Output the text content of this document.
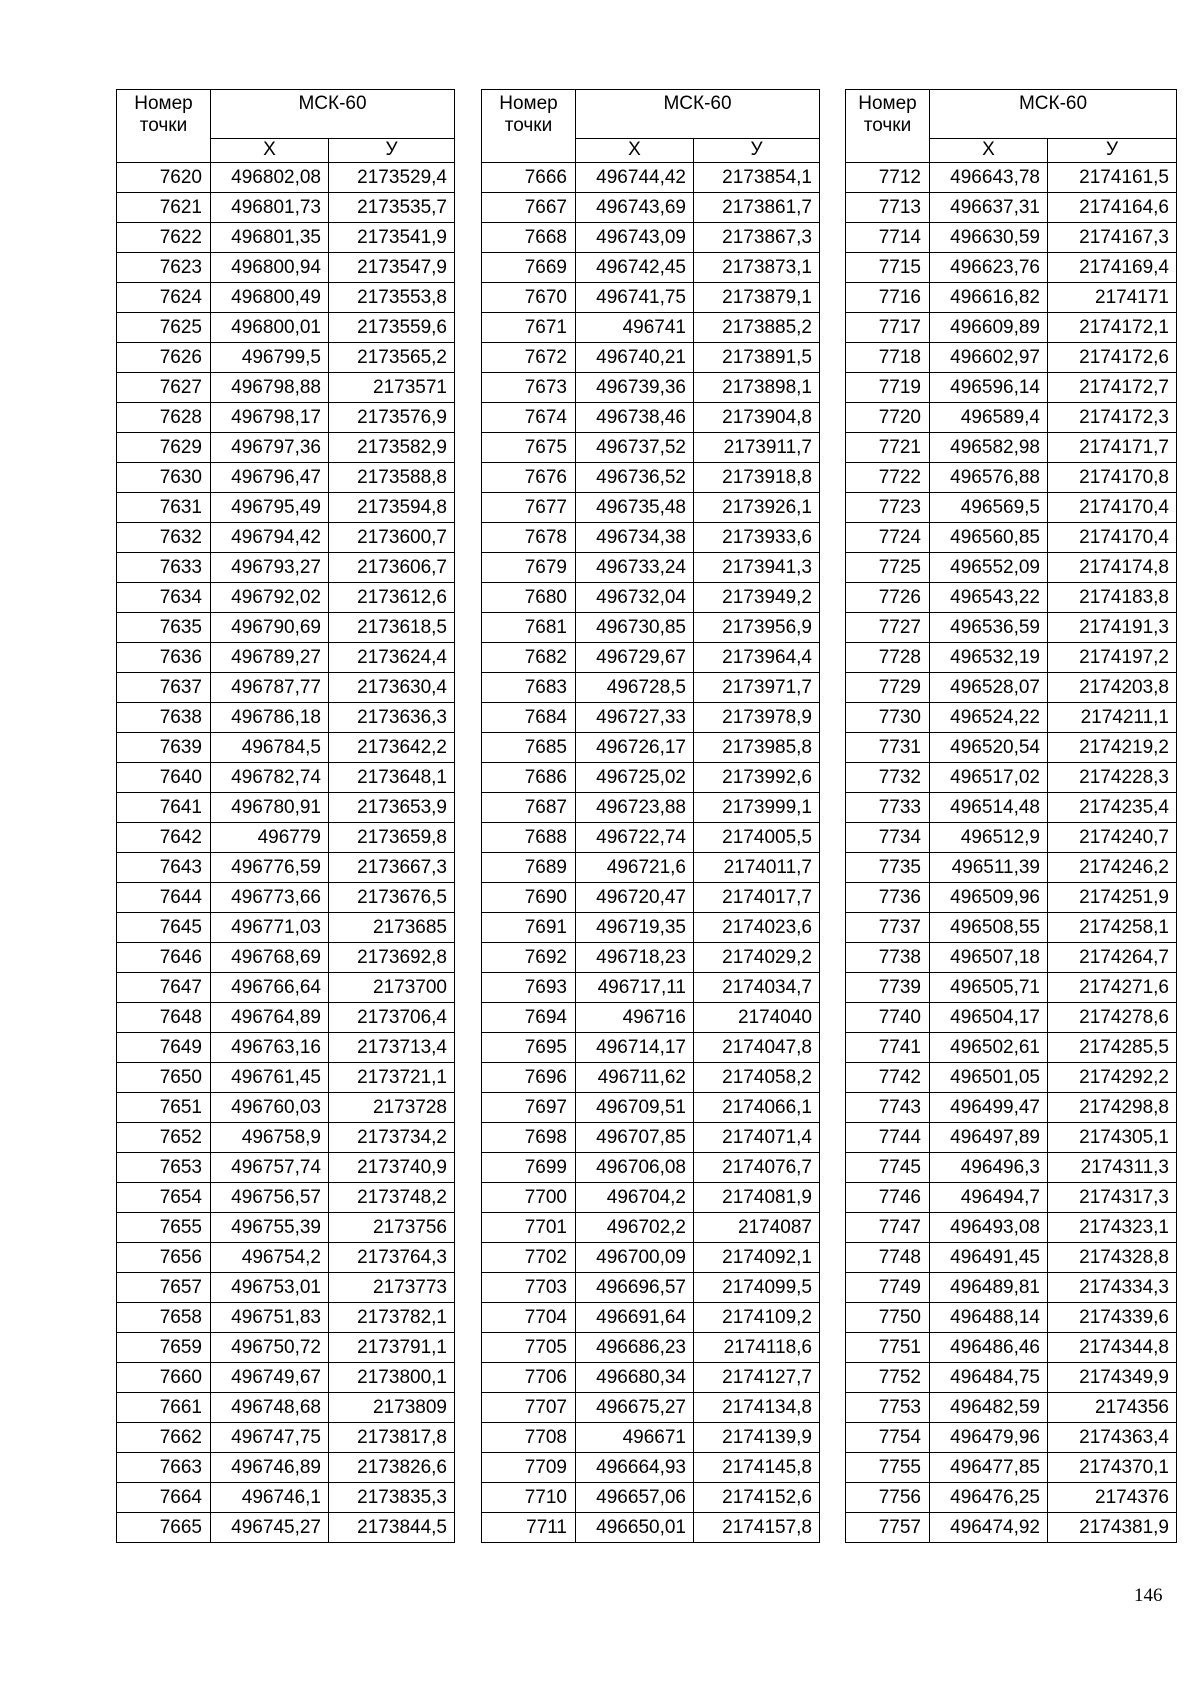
Номер точки	МСК-60	
	X	У
7620	496802,08	2173529,4
7621	496801,73	2173535,7
7622	496801,35	2173541,9
7623	496800,94	2173547,9
7624	496800,49	2173553,8
7625	496800,01	2173559,6
7626	496799,5	2173565,2
7627	496798,88	2173571
7628	496798,17	2173576,9
7629	496797,36	2173582,9
7630	496796,47	2173588,8
7631	496795,49	2173594,8
7632	496794,42	2173600,7
7633	496793,27	2173606,7
7634	496792,02	2173612,6
7635	496790,69	2173618,5
7636	496789,27	2173624,4
7637	496787,77	2173630,4
7638	496786,18	2173636,3
7639	496784,5	2173642,2
7640	496782,74	2173648,1
7641	496780,91	2173653,9
7642	496779	2173659,8
7643	496776,59	2173667,3
7644	496773,66	2173676,5
7645	496771,03	2173685
7646	496768,69	2173692,8
7647	496766,64	2173700
7648	496764,89	2173706,4
7649	496763,16	2173713,4
7650	496761,45	2173721,1
7651	496760,03	2173728
7652	496758,9	2173734,2
7653	496757,74	2173740,9
7654	496756,57	2173748,2
7655	496755,39	2173756
7656	496754,2	2173764,3
7657	496753,01	2173773
7658	496751,83	2173782,1
7659	496750,72	2173791,1
7660	496749,67	2173800,1
7661	496748,68	2173809
7662	496747,75	2173817,8
7663	496746,89	2173826,6
7664	496746,1	2173835,3
7665	496745,27	2173844,5
Номер точки	МСК-60	
	X	У
7666	496744,42	2173854,1
7667	496743,69	2173861,7
7668	496743,09	2173867,3
7669	496742,45	2173873,1
7670	496741,75	2173879,1
7671	496741	2173885,2
7672	496740,21	2173891,5
7673	496739,36	2173898,1
7674	496738,46	2173904,8
7675	496737,52	2173911,7
7676	496736,52	2173918,8
7677	496735,48	2173926,1
7678	496734,38	2173933,6
7679	496733,24	2173941,3
7680	496732,04	2173949,2
7681	496730,85	2173956,9
7682	496729,67	2173964,4
7683	496728,5	2173971,7
7684	496727,33	2173978,9
7685	496726,17	2173985,8
7686	496725,02	2173992,6
7687	496723,88	2173999,1
7688	496722,74	2174005,5
7689	496721,6	2174011,7
7690	496720,47	2174017,7
7691	496719,35	2174023,6
7692	496718,23	2174029,2
7693	496717,11	2174034,7
7694	496716	2174040
7695	496714,17	2174047,8
7696	496711,62	2174058,2
7697	496709,51	2174066,1
7698	496707,85	2174071,4
7699	496706,08	2174076,7
7700	496704,2	2174081,9
7701	496702,2	2174087
7702	496700,09	2174092,1
7703	496696,57	2174099,5
7704	496691,64	2174109,2
7705	496686,23	2174118,6
7706	496680,34	2174127,7
7707	496675,27	2174134,8
7708	496671	2174139,9
7709	496664,93	2174145,8
7710	496657,06	2174152,6
7711	496650,01	2174157,8
Номер точки	МСК-60	
	X	У
7712	496643,78	2174161,5
7713	496637,31	2174164,6
7714	496630,59	2174167,3
7715	496623,76	2174169,4
7716	496616,82	2174171
7717	496609,89	2174172,1
7718	496602,97	2174172,6
7719	496596,14	2174172,7
7720	496589,4	2174172,3
7721	496582,98	2174171,7
7722	496576,88	2174170,8
7723	496569,5	2174170,4
7724	496560,85	2174170,4
7725	496552,09	2174174,8
7726	496543,22	2174183,8
7727	496536,59	2174191,3
7728	496532,19	2174197,2
7729	496528,07	2174203,8
7730	496524,22	2174211,1
7731	496520,54	2174219,2
7732	496517,02	2174228,3
7733	496514,48	2174235,4
7734	496512,9	2174240,7
7735	496511,39	2174246,2
7736	496509,96	2174251,9
7737	496508,55	2174258,1
7738	496507,18	2174264,7
7739	496505,71	2174271,6
7740	496504,17	2174278,6
7741	496502,61	2174285,5
7742	496501,05	2174292,2
7743	496499,47	2174298,8
7744	496497,89	2174305,1
7745	496496,3	2174311,3
7746	496494,7	2174317,3
7747	496493,08	2174323,1
7748	496491,45	2174328,8
7749	496489,81	2174334,3
7750	496488,14	2174339,6
7751	496486,46	2174344,8
7752	496484,75	2174349,9
7753	496482,59	2174356
7754	496479,96	2174363,4
7755	496477,85	2174370,1
7756	496476,25	2174376
7757	496474,92	2174381,9
146
